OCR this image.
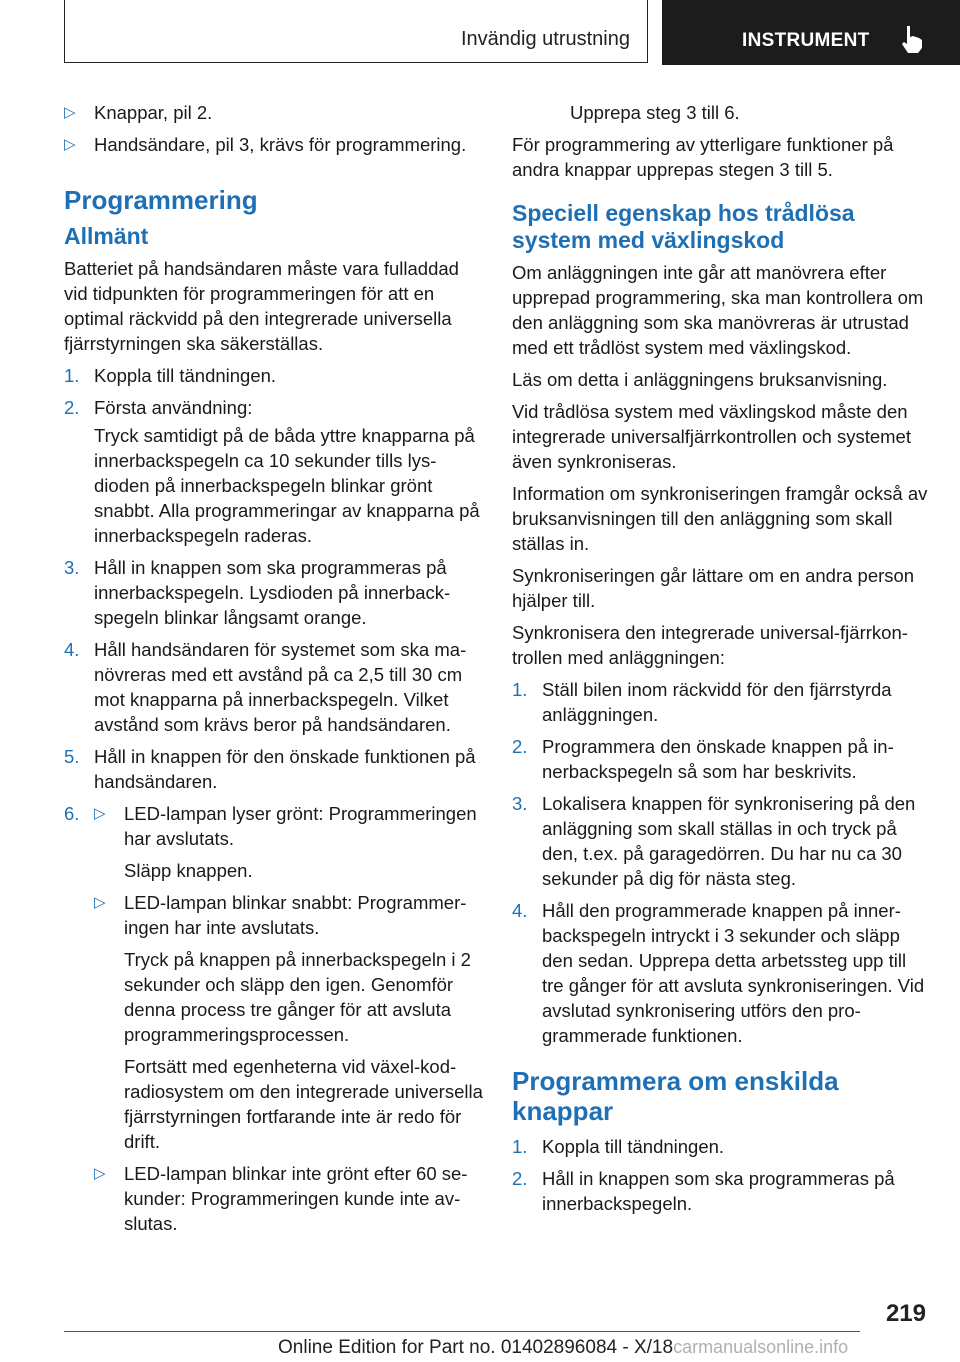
Invändig utrustning	INSTRUMENT
▷ Knappar, pil 2.
▷ Handsändare, pil 3, krävs för programmering.
Programmering
Allmänt

Batteriet på handsändaren måste vara fulladdad vid tidpunkten för programmeringen för att en optimal räckvidd på den integrerade universella fjärrstyrningen ska säkerställas.

1. Koppla till tändningen.
2. Första användning:
Tryck samtidigt på de båda yttre knapparna på innerbackspegeln ca 10 sekunder tills lysdioden på innerbackspegeln blinkar grönt snabbt. Alla programmeringar av knapparna på innerbackspegeln raderas.
3. Håll in knappen som ska programmeras på innerbackspegeln. Lysdioden på innerbackspegeln blinkar långsamt orange.
4. Håll handsändaren för systemet som ska manövreras med ett avstånd på ca 2,5 till 30 cm mot knapparna på innerbackspegeln. Vilket avstånd som krävs beror på handsändaren.
5. Håll in knappen för den önskade funktionen på handsändaren.
6. ▷ LED-lampan lyser grönt: Programmeringen har avslutats.
Släpp knappen.
▷ LED-lampan blinkar snabbt: Programmeringen har inte avslutats.
Tryck på knappen på innerbackspegeln i 2 sekunder och släpp den igen. Genomför denna process tre gånger för att avsluta programmeringsprocessen.
Fortsätt med egenheterna vid växel-kod-radiosystem om den integrerade universella fjärrstyrningen fortfarande inte är redo för drift.
▷ LED-lampan blinkar inte grönt efter 60 sekunder: Programmeringen kunde inte avslutas.
Upprepa steg 3 till 6.

För programmering av ytterligare funktioner på andra knappar upprepas stegen 3 till 5.

Speciell egenskap hos trådlösa system med växlingskod

Om anläggningen inte går att manövrera efter upprepad programmering, ska man kontrollera om den anläggning som ska manövreras är utrustad med ett trådlöst system med växlingskod.

Läs om detta i anläggningens bruksanvisning.

Vid trådlösa system med växlingskod måste den integrerade universalfjärrkontrollen och systemet även synkroniseras.

Information om synkroniseringen framgår också av bruksanvisningen till den anläggning som skall ställas in.

Synkroniseringen går lättare om en andra person hjälper till.

Synkronisera den integrerade universal-fjärrkontrollen med anläggningen:

1. Ställ bilen inom räckvidd för den fjärrstyrda anläggningen.
2. Programmera den önskade knappen på innerbackspegeln så som har beskrivits.
3. Lokalisera knappen för synkronisering på den anläggning som skall ställas in och tryck på den, t.ex. på garagedörren. Du har nu ca 30 sekunder på dig för nästa steg.
4. Håll den programmerade knappen på innerbackspegeln intryckt i 3 sekunder och släpp den sedan. Upprepa detta arbetssteg upp till tre gånger för att avsluta synkroniseringen. Vid avslutad synkronisering utförs den programmerade funktionen.
Programmera om enskilda knappar
1. Koppla till tändningen.
2. Håll in knappen som ska programmeras på innerbackspegeln.
219
Online Edition for Part no. 01402896084 - X/18carmanualsonline.info
